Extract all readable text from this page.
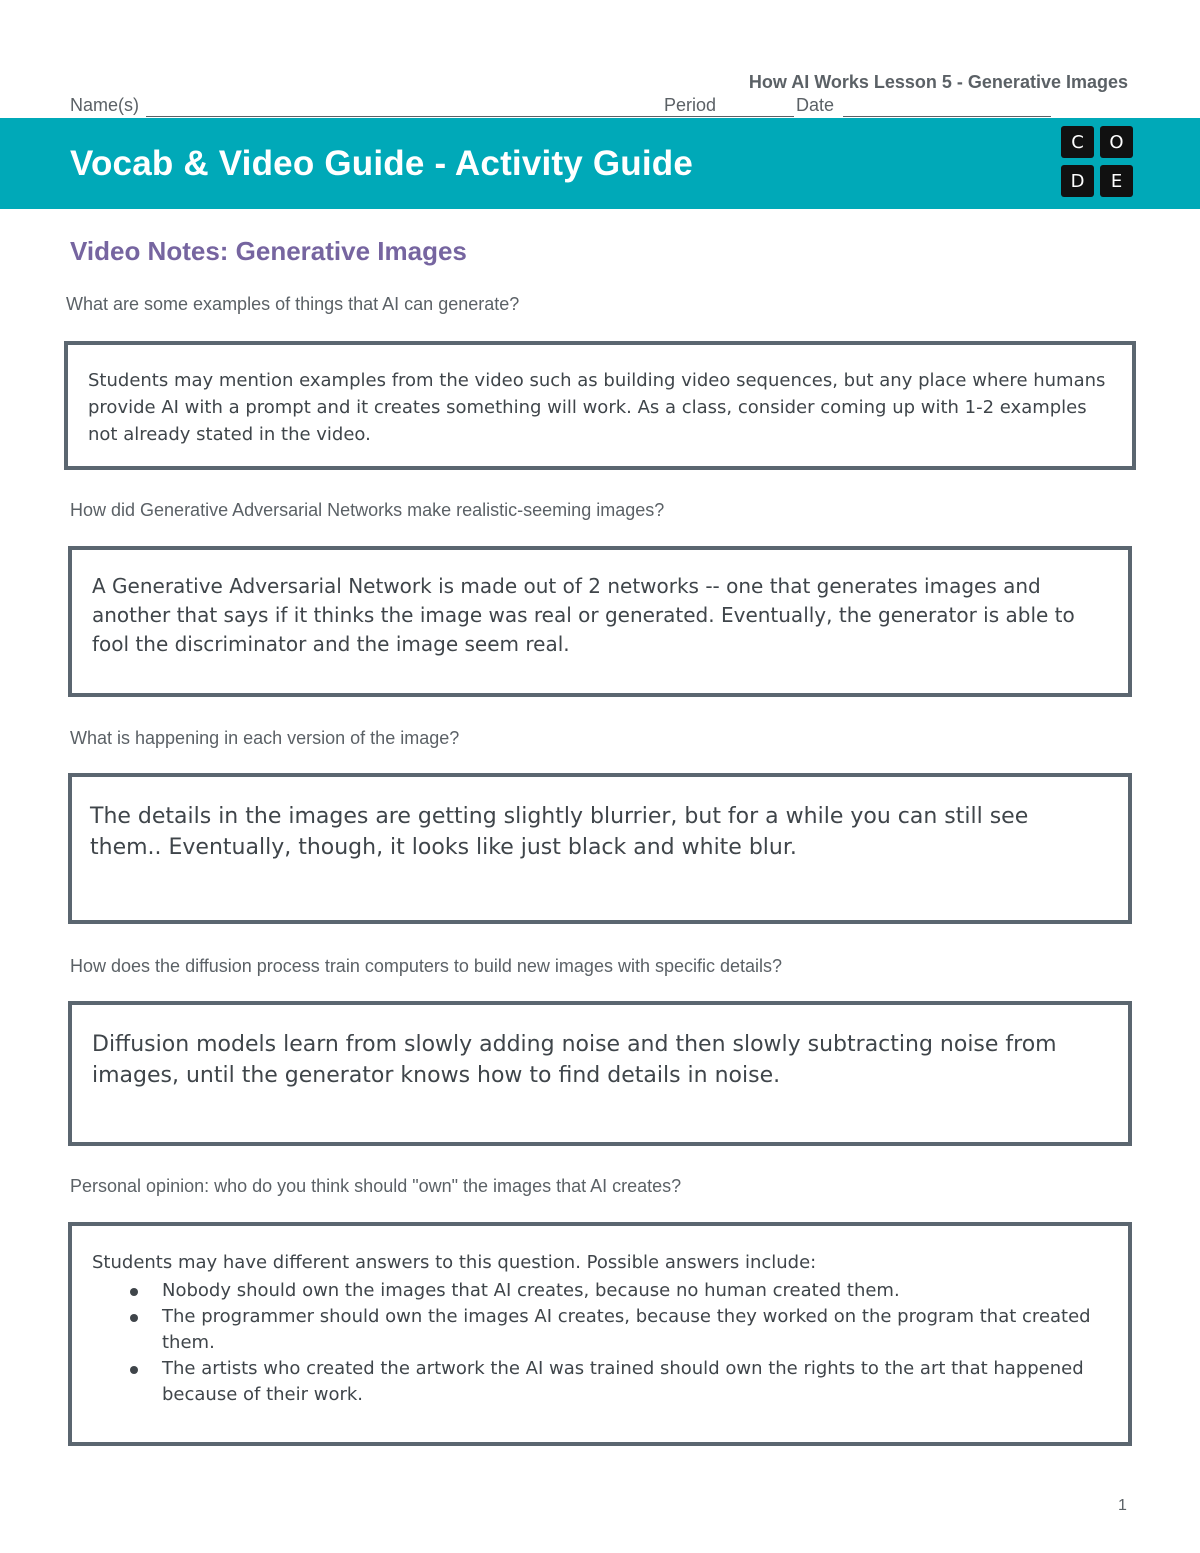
How AI Works Lesson 5 - Generative Images
Name(s)	Period	Date
Vocab & Video Guide - Activity Guide
C	O
D	E
Video Notes: Generative Images
What are some examples of things that AI can generate?
Students may mention examples from the video such as building video sequences, but any place where humans provide AI with a prompt and it creates something will work. As a class, consider coming up with 1-2 examples not already stated in the video.
How did Generative Adversarial Networks make realistic-seeming images?
A Generative Adversarial Network is made out of 2 networks -- one that generates images and another that says if it thinks the image was real or generated. Eventually, the generator is able to fool the discriminator and the image seem real.
What is happening in each version of the image?
The details in the images are getting slightly blurrier, but for a while you can still see them.. Eventually, though, it looks like just black and white blur.
How does the diffusion process train computers to build new images with specific details?
Diffusion models learn from slowly adding noise and then slowly subtracting noise from images, until the generator knows how to find details in noise.
Personal opinion: who do you think should "own" the images that AI creates?
Students may have different answers to this question. Possible answers include:
Nobody should own the images that AI creates, because no human created them.
The programmer should own the images AI creates, because they worked on the program that created them.
The artists who created the artwork the AI was trained should own the rights to the art that happened because of their work.
1
